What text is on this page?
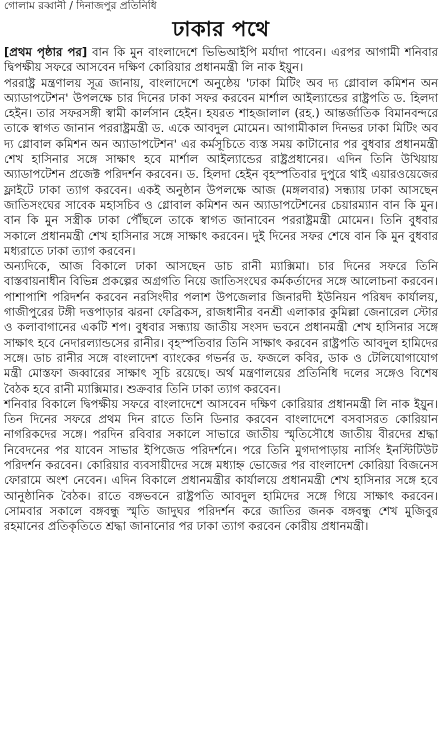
গোলাম রব্বানী / দিনাজপুর প্রতিনিধি
ঢাকার পথে

[প্রথম পৃষ্ঠার পর] বান কি মুন বাংলাদেশে ভিভিআইপি মর্যাদা পাবেন। এরপর আগামী শনিবার দ্বিপক্ষীয় সফরে আসবেন দক্ষিণ কোরিয়ার প্রধানমন্ত্রী লি নাক ইয়ুন।

পররাষ্ট্র মন্ত্রণালয় সূত্র জানায়, বাংলাদেশে অনুষ্ঠেয় 'ঢাকা মিটিং অব দ্য গ্লোবাল কমিশন অন অ্যাডাপটেশন' উপলক্ষে চার দিনের ঢাকা সফর করবেন মার্শাল আইল্যান্ডের রাষ্ট্রপতি ড. হিলদা হেইন। তার সফরসঙ্গী স্বামী কার্লসান হেইন। হযরত শাহজালাল (রহ.) আন্তর্জাতিক বিমানবন্দরে তাকে স্বাগত জানান পররাষ্ট্রমন্ত্রী ড. একে আবদুল মোমেন। আগামীকাল দিনভর ঢাকা মিটিং অব দ্য গ্লোবাল কমিশন অন অ্যাডাপটেশন' এর কর্মসূচিতে ব্যস্ত সময় কাটানোর পর বুধবার প্রধানমন্ত্রী শেখ হাসিনার সঙ্গে সাক্ষাৎ হবে মার্শাল আইল্যান্ডের রাষ্ট্রপ্রধানের। এদিন তিনি উখিয়ায় অ্যাডাপটেশন প্রজেক্ট পরিদর্শন করবেন। ড. হিলদা হেইন বৃহস্পতিবার দুপুরে থাই এয়ারওয়েজের ফ্লাইটে ঢাকা ত্যাগ করবেন। একই অনুষ্ঠান উপলক্ষে আজ (মঙ্গলবার) সন্ধ্যায় ঢাকা আসছেন জাতিসংঘের সাবেক মহাসচিব ও গ্লোবাল কমিশন অন অ্যাডাপটেশনের চেয়ারম্যান বান কি মুন। বান কি মুন সস্ত্রীক ঢাকা পৌঁছলে তাকে স্বাগত জানাবেন পররাষ্ট্রমন্ত্রী মোমেন। তিনি বুধবার সকালে প্রধানমন্ত্রী শেখ হাসিনার সঙ্গে সাক্ষাৎ করবেন। দুই দিনের সফর শেষে বান কি মুন বুধবার মধ্যরাতে ঢাকা ত্যাগ করবেন।

অন্যদিকে, আজ বিকালে ঢাকা আসছেন ডাচ রানী ম্যাক্সিমা। চার দিনের সফরে তিনি বাস্তবায়নাধীন বিভিন্ন প্রকল্পের অগ্রগতি নিয়ে জাতিসংঘের কর্মকর্তাদের সঙ্গে আলোচনা করবেন। পাশাপাশি পরিদর্শন করবেন নরসিংদীর পলাশ উপজেলার জিনারদী ইউনিয়ন পরিষদ কার্যালয়, গাজীপুরের টঙ্গী দত্তপাড়ার ঝরনা ফেব্রিকস, রাজধানীর বনশ্রী এলাকার কুমিল্লা জেনারেল স্টোর ও কলাবাগানের একটি শপ। বুধবার সন্ধ্যায় জাতীয় সংসদ ভবনে প্রধানমন্ত্রী শেখ হাসিনার সঙ্গে সাক্ষাৎ হবে নেদারল্যান্ডসের রানীর। বৃহস্পতিবার তিনি সাক্ষাৎ করবেন রাষ্ট্রপতি আবদুল হামিদের সঙ্গে। ডাচ রানীর সঙ্গে বাংলাদেশ ব্যাংকের গভর্নর ড. ফজলে কবির, ডাক ও টেলিযোগাযোগ মন্ত্রী মোস্তফা জব্বারের সাক্ষাৎ সূচি রয়েছে। অর্থ মন্ত্রণালয়ের প্রতিনিধি দলের সঙ্গেও বিশেষ বৈঠক হবে রানী ম্যাক্সিমার। শুক্রবার তিনি ঢাকা ত্যাগ করবেন।

শনিবার বিকালে দ্বিপক্ষীয় সফরে বাংলাদেশে আসবেন দক্ষিণ কোরিয়ার প্রধানমন্ত্রী লি নাক ইয়ুন। তিন দিনের সফরে প্রথম দিন রাতে তিনি ডিনার করবেন বাংলাদেশে বসবাসরত কোরিয়ান নাগরিকদের সঙ্গে। পরদিন রবিবার সকালে সাভারে জাতীয় স্মৃতিসৌধে জাতীয় বীরদের শ্রদ্ধা নিবেদনের পর যাবেন সাভার ইপিজেড পরিদর্শনে। পরে তিনি মুগদাপাড়ায় নার্সিং ইনস্টিটিউট পরিদর্শন করবেন। কোরিয়ার ব্যবসায়ীদের সঙ্গে মধ্যাহ্ন ভোজের পর বাংলাদেশ কোরিয়া বিজনেস ফোরামে অংশ নেবেন। এদিন বিকালে প্রধানমন্ত্রীর কার্যালয়ে প্রধানমন্ত্রী শেখ হাসিনার সঙ্গে হবে আনুষ্ঠানিক বৈঠক। রাতে বঙ্গভবনে রাষ্ট্রপতি আবদুল হামিদের সঙ্গে গিয়ে সাক্ষাৎ করবেন। সোমবার সকালে বঙ্গবন্ধু স্মৃতি জাদুঘর পরিদর্শন করে জাতির জনক বঙ্গবন্ধু শেখ মুজিবুর রহমানের প্রতিকৃতিতে শ্রদ্ধা জানানোর পর ঢাকা ত্যাগ করবেন কোরীয় প্রধানমন্ত্রী।
